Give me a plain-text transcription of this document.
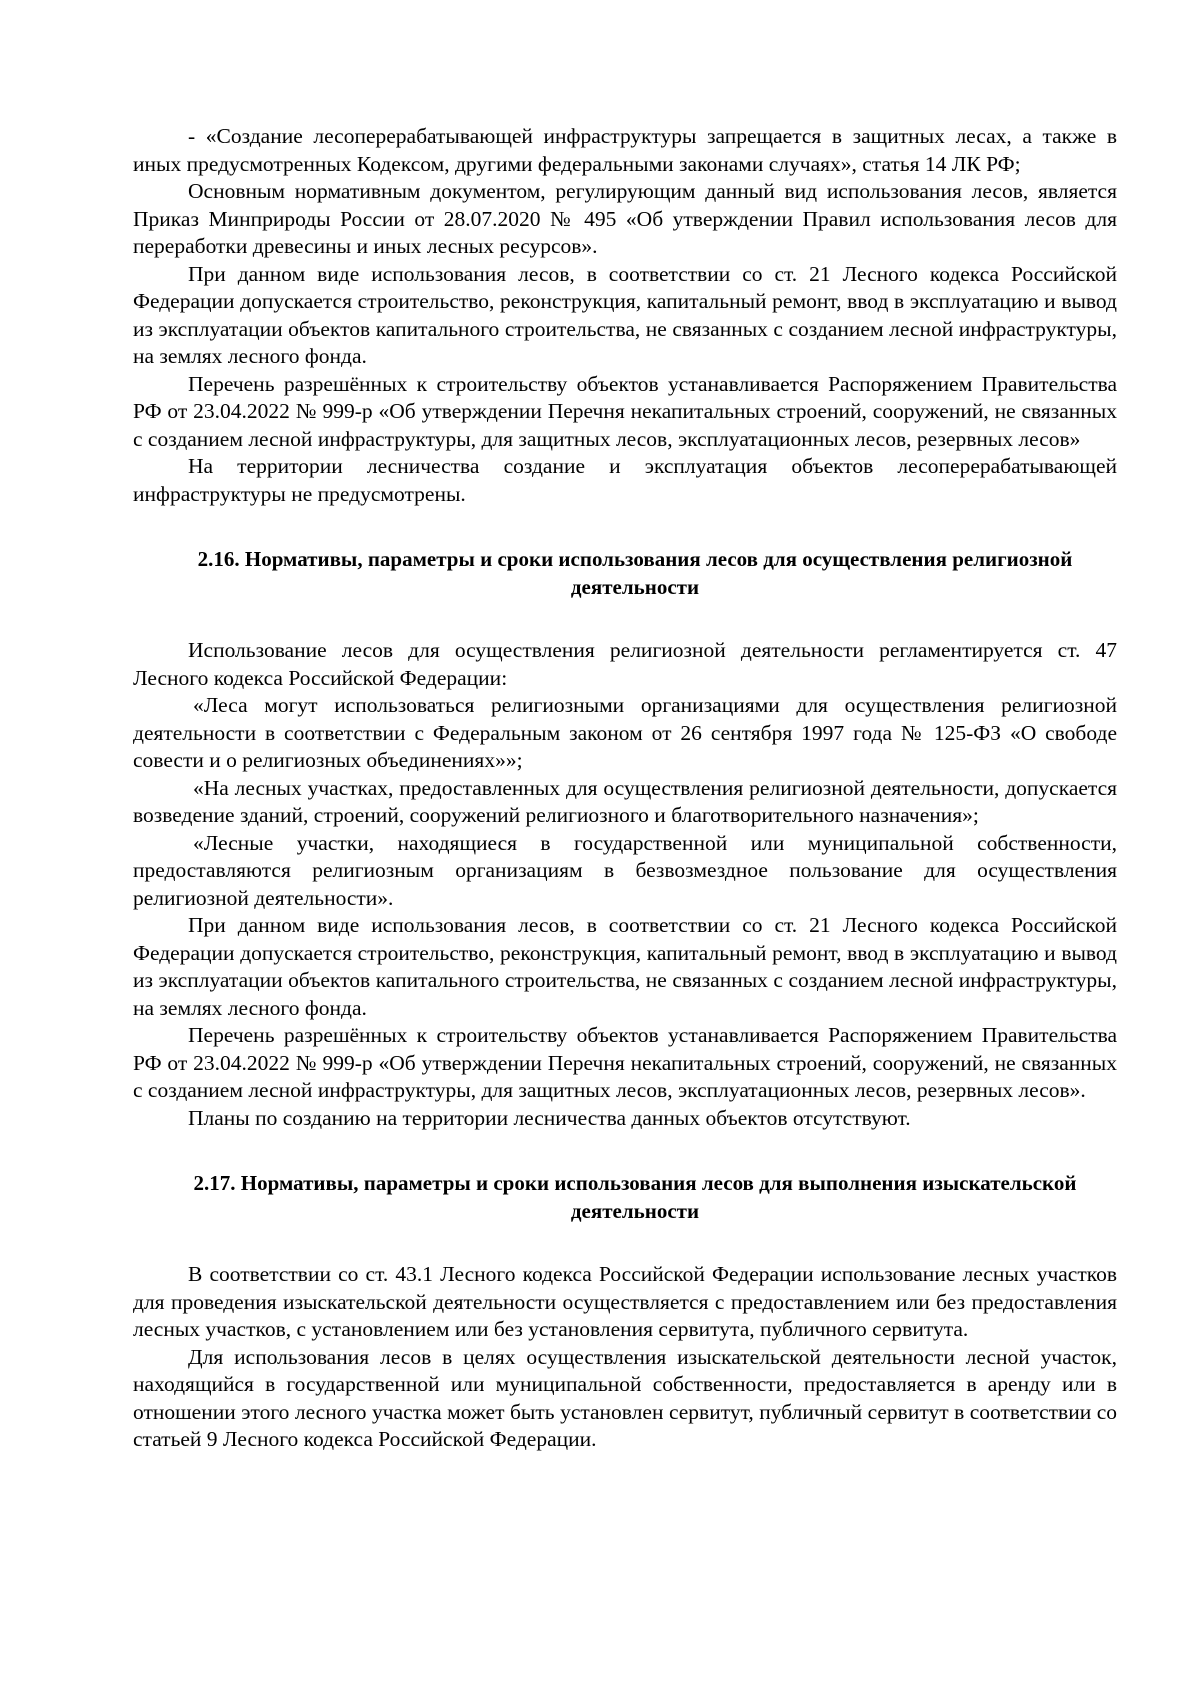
- «Создание лесоперерабатывающей инфраструктуры запрещается в защитных лесах, а также в иных предусмотренных Кодексом, другими федеральными законами случаях», статья 14 ЛК РФ;

Основным нормативным документом, регулирующим данный вид использования лесов, является Приказ Минприроды России от 28.07.2020 № 495 «Об утверждении Правил использования лесов для переработки древесины и иных лесных ресурсов».

При данном виде использования лесов, в соответствии со ст. 21 Лесного кодекса Российской Федерации допускается строительство, реконструкция, капитальный ремонт, ввод в эксплуатацию и вывод из эксплуатации объектов капитального строительства, не связанных с созданием лесной инфраструктуры, на землях лесного фонда.

Перечень разрешённых к строительству объектов устанавливается Распоряжением Правительства РФ от 23.04.2022 № 999-р «Об утверждении Перечня некапитальных строений, сооружений, не связанных с созданием лесной инфраструктуры, для защитных лесов, эксплуатационных лесов, резервных лесов»

На территории лесничества создание и эксплуатация объектов лесоперерабатывающей инфраструктуры не предусмотрены.

2.16. Нормативы, параметры и сроки использования лесов для осуществления религиозной деятельности

Использование лесов для осуществления религиозной деятельности регламентируется ст. 47 Лесного кодекса Российской Федерации:

«Леса могут использоваться религиозными организациями для осуществления религиозной деятельности в соответствии с Федеральным законом от 26 сентября 1997 года № 125-ФЗ «О свободе совести и о религиозных объединениях»»;

«На лесных участках, предоставленных для осуществления религиозной деятельности, допускается возведение зданий, строений, сооружений религиозного и благотворительного назначения»;

«Лесные участки, находящиеся в государственной или муниципальной собственности, предоставляются религиозным организациям в безвозмездное пользование для осуществления религиозной деятельности».

При данном виде использования лесов, в соответствии со ст. 21 Лесного кодекса Российской Федерации допускается строительство, реконструкция, капитальный ремонт, ввод в эксплуатацию и вывод из эксплуатации объектов капитального строительства, не связанных с созданием лесной инфраструктуры, на землях лесного фонда.

Перечень разрешённых к строительству объектов устанавливается Распоряжением Правительства РФ от 23.04.2022 № 999-р «Об утверждении Перечня некапитальных строений, сооружений, не связанных с созданием лесной инфраструктуры, для защитных лесов, эксплуатационных лесов, резервных лесов».

Планы по созданию на территории лесничества данных объектов отсутствуют.

2.17. Нормативы, параметры и сроки использования лесов для выполнения изыскательской деятельности

В соответствии со ст. 43.1 Лесного кодекса Российской Федерации использование лесных участков для проведения изыскательской деятельности осуществляется с предоставлением или без предоставления лесных участков, с установлением или без установления сервитута, публичного сервитута.

Для использования лесов в целях осуществления изыскательской деятельности лесной участок, находящийся в государственной или муниципальной собственности, предоставляется в аренду или в отношении этого лесного участка может быть установлен сервитут, публичный сервитут в соответствии со статьей 9 Лесного кодекса Российской Федерации.
